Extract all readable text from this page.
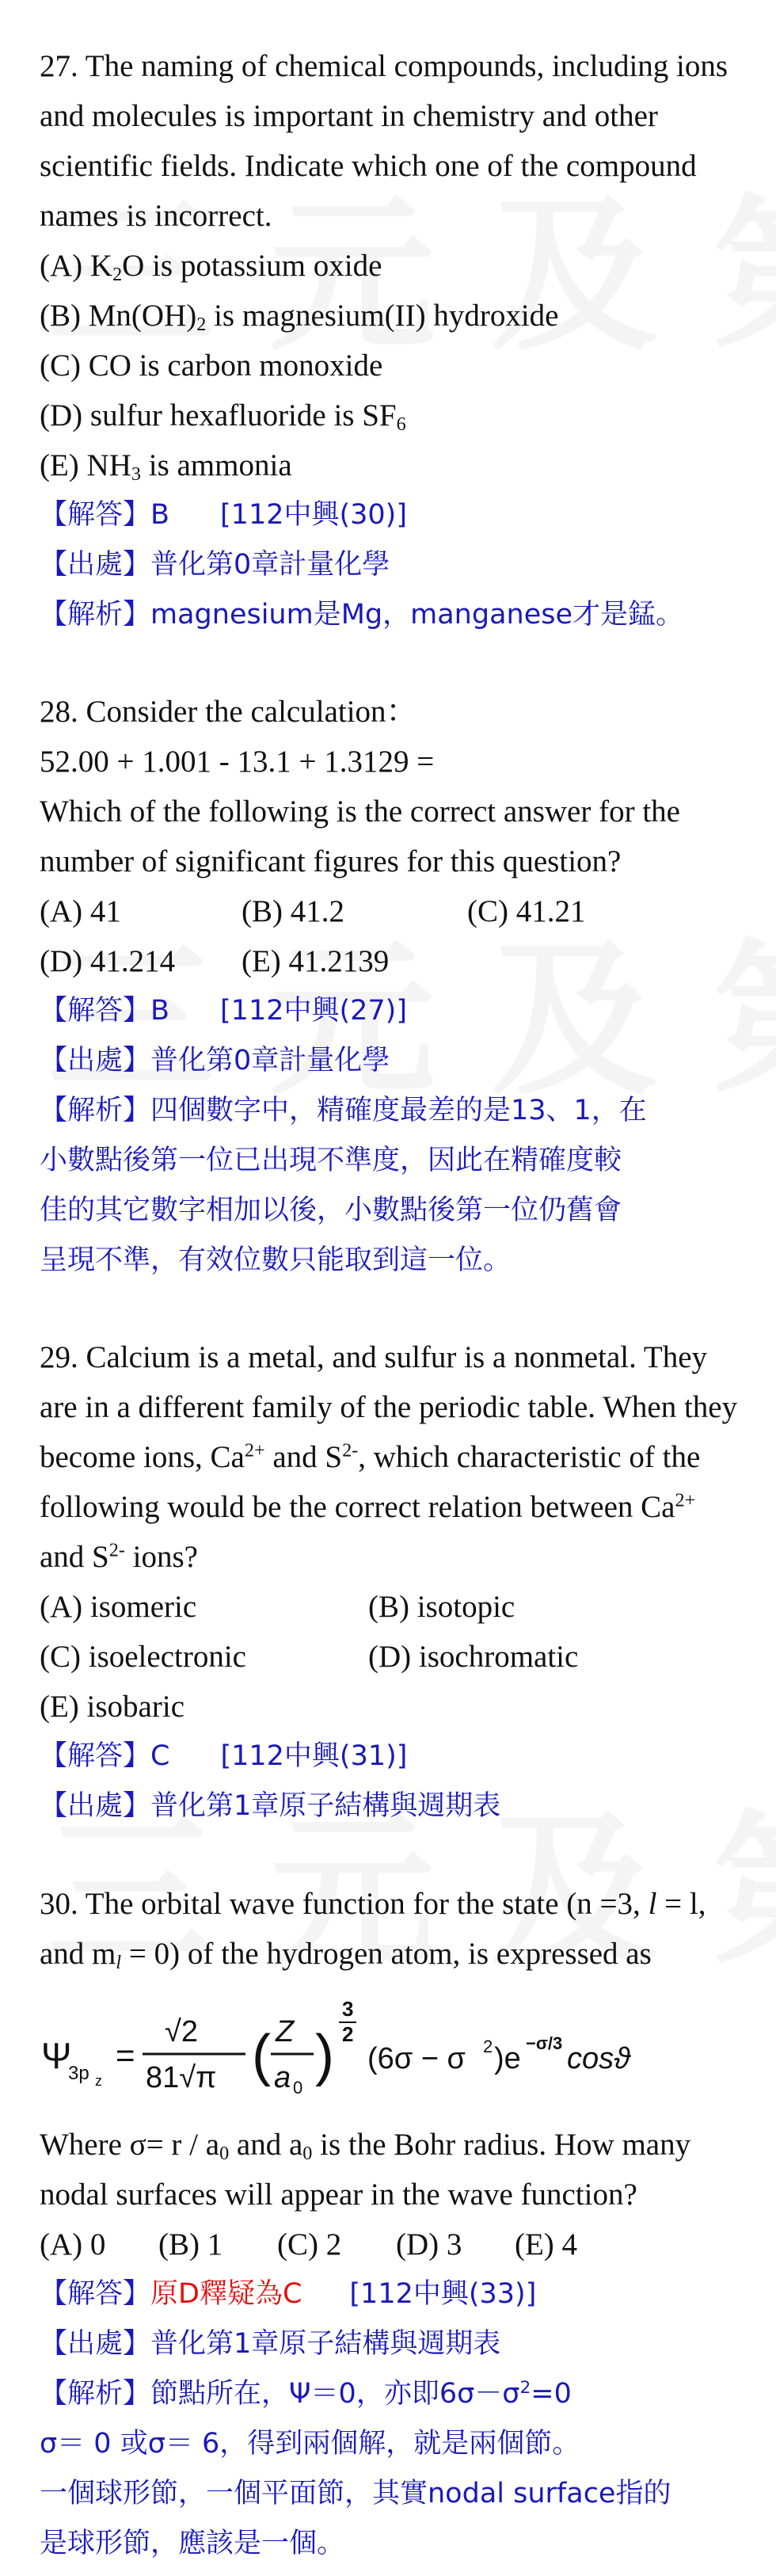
27. The naming of chemical compounds, including ions and molecules is important in chemistry and other scientific fields. Indicate which one of the compound names is incorrect.

(A) $K_2O$ is potassium oxide

(B) $Mn(OH)_2$ is magnesium(II) hydroxide

(C) CO is carbon monoxide

(D) sulfur hexafluoride is $SF_6$

(E) $NH_3$ is ammonia

【解答】B [112中興(30)]

【出處】普化第0章計量化學

【解析】magnesium是Mg，manganese才是錳。

28. Consider the calculation：

52.00 + 1.001 - 13.1 + 1.3129 =

Which of the following is the correct answer for the number of significant figures for this question?

(A) 41	(B) 41.2	(C) 41.21
(D) 41.214	(E) 41.2139

【解答】B [112中興(27)]

【出處】普化第0章計量化學

【解析】四個數字中，精確度最差的是13、1，在

小數點後第一位已出現不準度，因此在精確度較

佳的其它數字相加以後，小數點後第一位仍舊會

呈現不準，有效位數只能取到這一位。

29. Calcium is a metal, and sulfur is a nonmetal. They are in a different family of the periodic table. When they become ions, $Ca^{2+}$ and $S^{2-}$, which characteristic of the following would be the correct relation between $Ca^{2+}$ and $S^{2-}$ ions?

(A) isomeric	(B) isotopic
(C) isoelectronic	(D) isochromatic
(E) isobaric

【解答】C [112中興(31)]

【出處】普化第1章原子結構與週期表

30. The orbital wave function for the state (n =3, l = l, and $m_l = 0$) of the hydrogen atom, is expressed as

Ψ
3p z
=
√2
81√π ( Z
a 0
)
3
2
(6σ − σ 2 )e −σ/3 cosϑ

Where $\sigma= r / a_0$ and $a_0$ is the Bohr radius. How many nodal surfaces will appear in the wave function?

(A) 0	(B) 1	(C) 2	(D) 3	(E) 4

【解答】原D釋疑為C [112中興(33)]

【出處】普化第1章原子結構與週期表

【解析】節點所在，Ψ＝0，亦即$6\sigma-\sigma^2=0$

σ＝ 0 或σ＝ 6，得到兩個解，就是兩個節。

一個球形節，一個平面節，其實nodal surface指的

是球形節，應該是一個。
